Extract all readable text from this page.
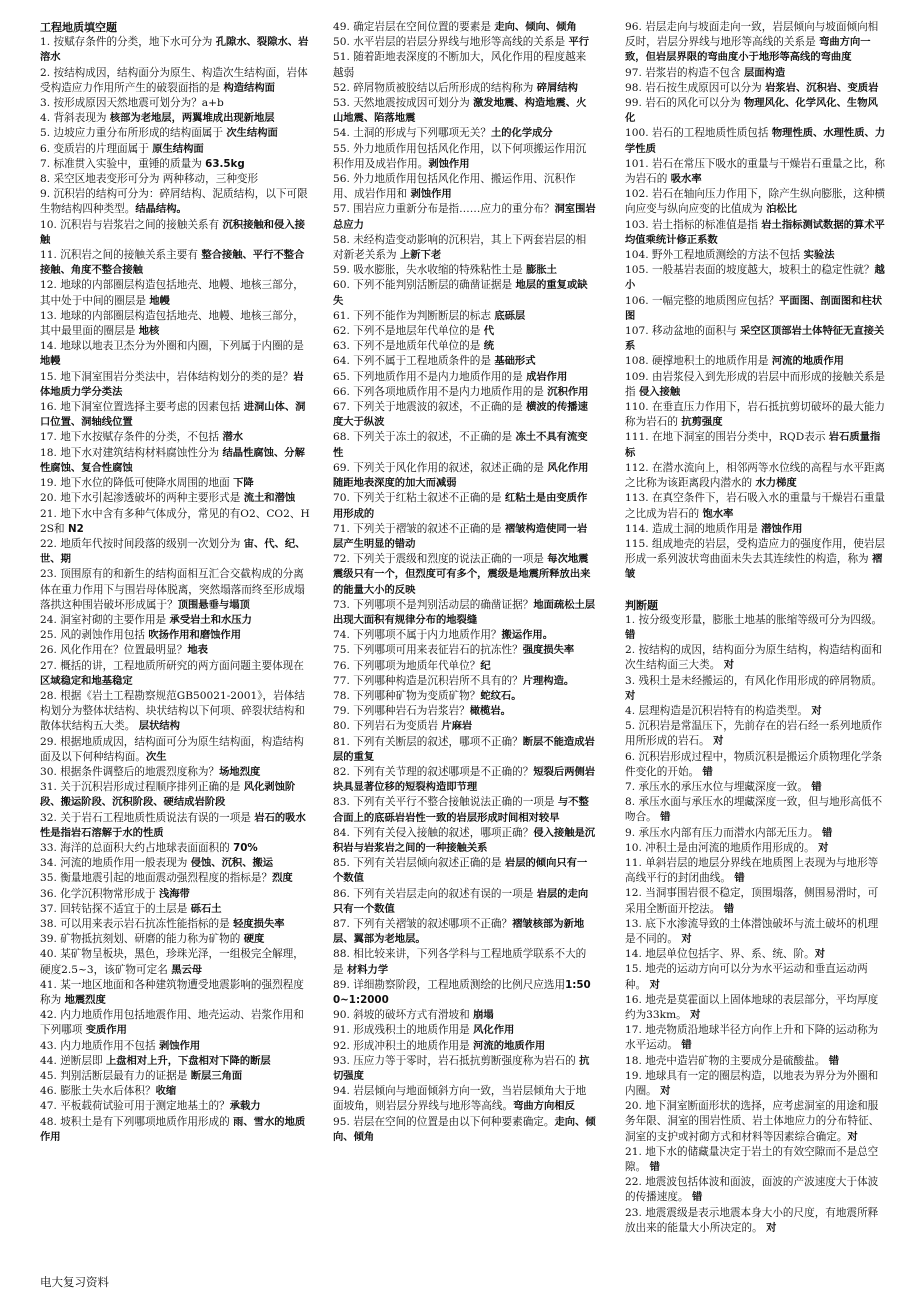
工程地质填空题

1. 按赋存条件的分类，地下水可分为 孔隙水、裂隙水、岩溶水

2. 按结构成因，结构面分为原生、构造次生结构面，岩体受构造应力作用所产生的破裂面指的是 构造结构面

3. 按形成原因天然地震可划分为？a+b

4. 背斜表现为 核部为老地层，两翼堆成出现新地层

5. 边坡应力重分布所形成的结构面属于 次生结构面

6. 变质岩的片理面属于 原生结构面

7. 标准贯入实验中，重锤的质量为 63.5kg

8. 采空区地表变形可分为 两种移动，三种变形

9. 沉积岩的结构可分为：碎屑结构、泥质结构，以下可限生物结构四种类型。结晶结构。

10. 沉积岩与岩浆岩之间的接触关系有 沉积接触和侵入接触

11. 沉积岩之间的接触关系主要有 整合接触、平行不整合接触、角度不整合接触

12. 地球的内部圈层构造包括地壳、地幔、地核三部分，其中处于中间的圈层是 地幔

13. 地球的内部圈层构造包括地壳、地幔、地核三部分，其中最里面的圈层是 地核

14. 地球以地表卫杰分为外圈和内圈，下列属于内圈的是 地幔

15. 地下洞室围岩分类法中，岩体结构划分的类的是？岩体地质力学分类法

16. 地下洞室位置选择主要考虑的因素包括 进洞山体、洞口位置、洞轴线位置

17. 地下水按赋存条件的分类，不包括 潜水

18. 地下水对建筑结构材料腐蚀性分为 结晶性腐蚀、分解性腐蚀、复合性腐蚀

19. 地下水位的降低可使降水周围的地面 下降

20. 地下水引起渗透破坏的两种主要形式是 流土和潜蚀

21. 地下水中含有多种气体成分，常见的有O2、CO2、H2S和 N2

22. 地质年代按时间段落的级别一次划分为 宙、代、纪、世、期

23. 顶围原有的和新生的结构面相互汇合交截构成的分离体在重力作用下与围岩母体脱离，突然塌落而终至形成塌落拱这种围岩破坏形成属于？顶围悬垂与塌顶

24. 洞室衬砌的主要作用是 承受岩土和水压力

25. 风的剥蚀作用包括 吹扬作用和磨蚀作用

26. 风化作用在？位置最明显？地表

27. 概括的讲，工程地质所研究的两方面问题主要体现在 区域稳定和地基稳定

28. 根据《岩土工程勘察规范GB50021-2001》，岩体结构划分为整体状结构、块状结构以下何项、碎裂状结构和散体状结构五大类。 层状结构

29. 根据地质成因，结构面可分为原生结构面，构造结构面及以下何种结构面。次生

30. 根据条件调整后的地震烈度称为？场地烈度

31. 关于沉积岩形成过程顺序排列正确的是 风化剥蚀阶段、搬运阶段、沉积阶段、硬结成岩阶段

32. 关于岩石工程地质性质说法有误的一项是 岩石的吸水性是指岩石溶解于水的性质

33. 海洋的总面积大约占地球表面面积的 70%

34. 河流的地质作用一般表现为 侵蚀、沉积、搬运

35. 衡量地震引起的地面震动强烈程度的指标是？烈度

36. 化学沉积物常形成于 浅海带

37. 回转钻探不适宜于的土层是 砾石土

38. 可以用来表示岩石抗冻性能指标的是 轻度损失率

39. 矿物抵抗刻划、研磨的能力称为矿物的 硬度

40. 某矿物呈板块，黑色，珍珠光泽，一组极完全解理，硬度2.5~3，该矿物可定名 黑云母

41. 某一地区地面和各种建筑物遭受地震影响的强烈程度称为 地震烈度

42. 内力地质作用包括地震作用、地壳运动、岩浆作用和下列哪项 变质作用

43. 内力地质作用不包括 剥蚀作用

44. 逆断层即 上盘相对上升，下盘相对下降的断层

45. 判别活断层最有力的证据是 断层三角面

46. 膨胀土失水后体积？收缩

47. 平板载荷试验可用于测定地基土的？承载力

48. 坡积土是有下列哪项地质作用形成的 雨、雪水的地质作用

49. 确定岩层在空间位置的要素是 走向、倾向、倾角

50. 水平岩层的岩层分界线与地形等高线的关系是 平行

51. 随着距地表深度的不断加大，风化作用的程度越来越弱

52. 碎屑物质被胶结以后所形成的结构称为 碎屑结构

53. 天然地震按成因可划分为 激发地震、构造地震、火山地震、陷落地震

54. 土洞的形成与下列哪项无关？土的化学成分

55. 外力地质作用包括风化作用，以下何项搬运作用沉积作用及成岩作用。剥蚀作用

56. 外力地质作用包括风化作用、搬运作用、沉积作用、成岩作用和 剥蚀作用

57. 围岩应力重新分布是指……应力的重分布？洞室围岩总应力

58. 未经构造变动影响的沉积岩，其上下两套岩层的相对新老关系为 上新下老

59. 吸水膨胀，失水收缩的特殊粘性土是 膨胀土

60. 下列不能判别活断层的确凿证据是 地层的重复或缺失

61. 下列不能作为判断断层的标志 底砾层

62. 下列不是地层年代单位的是 代

63. 下列不是地质年代单位的是 统

64. 下列不属于工程地质条件的是 基础形式

65. 下列地质作用不是内力地质作用的是 成岩作用

66. 下列各项地质作用不是内力地质作用的是 沉积作用

67. 下列关于地震波的叙述，不正确的是 横波的传播速度大于纵波

68. 下列关于冻土的叙述，不正确的是 冻土不具有流变性

69. 下列关于风化作用的叙述，叙述正确的是 风化作用随距地表深度的加大而减弱

70. 下列关于红粘土叙述不正确的是 红粘土是由变质作用形成的

71. 下列关于褶皱的叙述不正确的是 褶皱构造使同一岩层产生明显的错动

72. 下列关于震级和烈度的说法正确的一项是 每次地震震级只有一个，但烈度可有多个，震级是地震所释放出来的能量大小的反映

73. 下列哪项不是判别活动层的确凿证据？地面疏松土层出现大面积有规律分布的地裂缝

74. 下列哪项不属于内力地质作用？搬运作用。

75. 下列哪项可用来表征岩石的抗冻性？强度损失率

76. 下列哪项为地质年代单位？纪

77. 下列哪种构造是沉积岩所不具有的？片理构造。

78. 下列哪种矿物为变质矿物？蛇纹石。

79. 下列哪种岩石为岩浆岩？橄榄岩。

80. 下列岩石为变质岩 片麻岩

81. 下列有关断层的叙述，哪项不正确？断层不能造成岩层的重复

82. 下列有关节理的叙述哪项是不正确的？短裂后两侧岩块具显著位移的短裂构造即节理

83. 下列有关平行不整合接触说法正确的一项是 与不整合面上的底砾岩岩性一致的岩层形成时间相对较早

84. 下列有关侵入接触的叙述，哪项正确？侵入接触是沉积岩与岩浆岩之间的一种接触关系

85. 下列有关岩层倾向叙述正确的是 岩层的倾向只有一个数值

86. 下列有关岩层走向的叙述有误的一项是 岩层的走向只有一个数值

87. 下列有关褶皱的叙述哪项不正确？褶皱核部为新地层、翼部为老地层。

88. 相比较来讲，下列各学科与工程地质学联系不大的是 材料力学

89. 详细勘察阶段，工程地质测绘的比例尺应选用1:500~1:2000

90. 斜坡的破坏方式有滑坡和 崩塌

91. 形成残积土的地质作用是 风化作用

92. 形成冲积土的地质作用是 河流的地质作用

93. 压应力等于零时，岩石抵抗剪断强度称为岩石的 抗切强度

94. 岩层倾向与地面倾斜方向一致，当岩层倾角大于地面坡角，则岩层分界线与地形等高线。弯曲方向相反

95. 岩层在空间的位置是由以下何种要素确定。走向、倾向、倾角

96. 岩层走向与坡面走向一致，岩层倾向与坡面倾向相反时，岩层分界线与地形等高线的关系是 弯曲方向一致，但岩层界限的弯曲度小于地形等高线的弯曲度

97. 岩浆岩的构造不包含 层面构造

98. 岩石按生成原因可以分为 岩浆岩、沉积岩、变质岩

99. 岩石的风化可以分为 物理风化、化学风化、生物风化

100. 岩石的工程地质性质包括 物理性质、水理性质、力学性质

101. 岩石在常压下吸水的重量与干燥岩石重量之比，称为岩石的 吸水率

102. 岩石在轴向压力作用下，除产生纵向膨胀，这种横向应变与纵向应变的比值成为 泊松比

103. 岩土指标的标准值是指 岩土指标测试数据的算术平均值乘统计修正系数

104. 野外工程地质测绘的方法不包括 实验法

105. 一般基岩表面的坡度越大，坡积土的稳定性就？越小

106. 一幅完整的地质图应包括？平面图、剖面图和柱状图

107. 移动盆地的面积与 采空区顶部岩土体特征无直接关系

108. 硬撑地积土的地质作用是 河流的地质作用

109. 由岩浆侵入到先形成的岩层中而形成的接触关系是指 侵入接触

110. 在垂直压力作用下，岩石抵抗剪切破坏的最大能力称为岩石的 抗剪强度

111. 在地下洞室的围岩分类中，RQD表示 岩石质量指标

112. 在潜水流向上，相邻两等水位线的高程与水平距离之比称为该距离段内潜水的 水力梯度

113. 在真空条件下，岩石吸入水的重量与干燥岩石重量之比成为岩石的 饱水率

114. 造成土洞的地质作用是 潜蚀作用

115. 组成地壳的岩层，受构造应力的强度作用，使岩层形成一系列波状弯曲面未失去其连续性的构造，称为 褶皱

判断题

1. 按分级变形量，膨胀土地基的胀缩等级可分为四级。 错

2. 按结构的成因，结构面分为原生结构，构造结构面和次生结构面三大类。 对

3. 残积土是未经搬运的，有风化作用形成的碎屑物质。 对

4. 层理构造是沉积岩特有的构造类型。 对

5. 沉积岩是常温压下，先前存在的岩石经一系列地质作用所形成的岩石。 对

6. 沉积岩形成过程中，物质沉积是搬运介质物理化学条件变化的开始。 错

7. 承压水的承压水位与埋藏深度一致。 错

8. 承压水面与承压水的埋藏深度一致，但与地形高低不吻合。 错

9. 承压水内部有压力而潜水内部无压力。 错

10. 冲积土是由河流的地质作用形成的。 对

11. 单斜岩层的地层分界线在地质图上表现为与地形等高线平行的封闭曲线。 错

12. 当洞事围岩很不稳定，顶围塌落，侧围易滑时，可采用全断面开挖法。 错

13. 底下水渗流导致的土体潜蚀破坏与流土破坏的机理是不同的。 对

14. 地层单位包括字、界、系、统、阶。对

15. 地壳的运动方向可以分为水平运动和垂直运动两种。 对

16. 地壳是莫霍面以上固体地球的表层部分，平均厚度约为33km。 对

17. 地壳物质沿地球半径方向作上升和下降的运动称为水平运动。 错

18. 地壳中造岩矿物的主要成分是硫酸盐。 错

19. 地球具有一定的圈层构造，以地表为界分为外圈和内圈。 对

20. 地下洞室断面形状的选择，应考虑洞室的用途和服务年限、洞室的围岩性质、岩土体地应力的分布特征、洞室的支护或衬砌方式和材料等因素综合确定。对

21. 地下水的储藏量决定于岩土的有效空隙而不是总空隙。 错

22. 地震波包括体波和面波，面波的产波速度大于体波的传播速度。 错

23. 地震震级是表示地震本身大小的尺度，有地震所释放出来的能量大小所决定的。 对

电大复习资料
